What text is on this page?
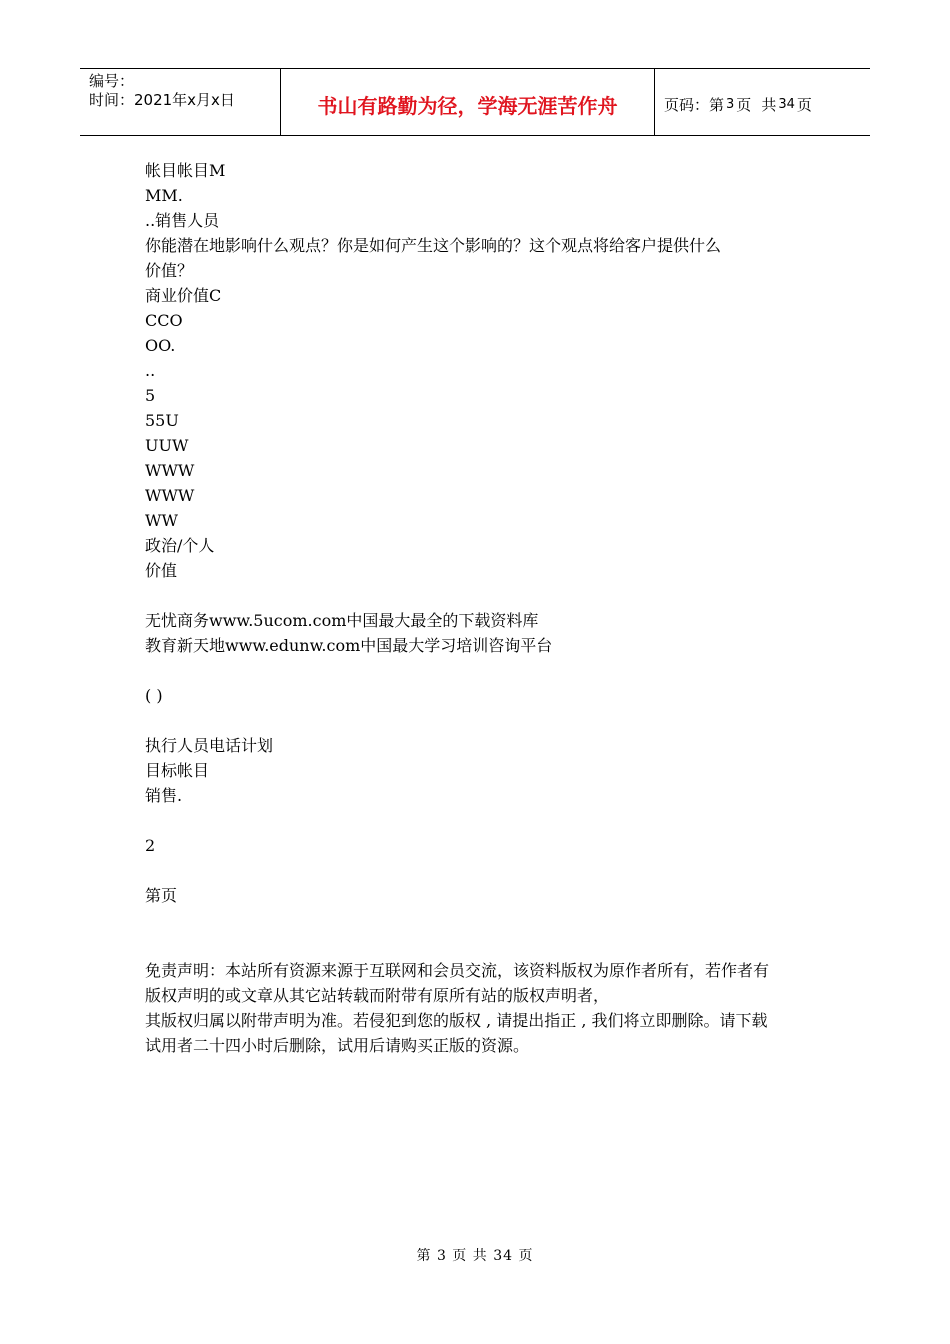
编号：
时间：2021年x月x日	书山有路勤为径，学海无涯苦作舟	页码：第 3 页 共 34 页
帐目帐目M
MM.
..销售人员
你能潜在地影响什么观点？你是如何产生这个影响的？这个观点将给客户提供什么
价值？
商业价值C
CCO
OO.
..
5
55U
UUW
WWW
WWW
WW
政治/个人
价值
无忧商务www.5ucom.com中国最大最全的下载资料库
教育新天地www.edunw.com中国最大学习培训咨询平台
( )
执行人员电话计划
目标帐目
销售.
2
第页
免责声明：本站所有资源来源于互联网和会员交流，该资料版权为原作者所有，若作者有
版权声明的或文章从其它站转载而附带有原所有站的版权声明者，
其版权归属以附带声明为准。若侵犯到您的版权 , 请提出指正 , 我们将立即删除。请下载
试用者二十四小时后删除，试用后请购买正版的资源。
第 3 页 共 34 页
